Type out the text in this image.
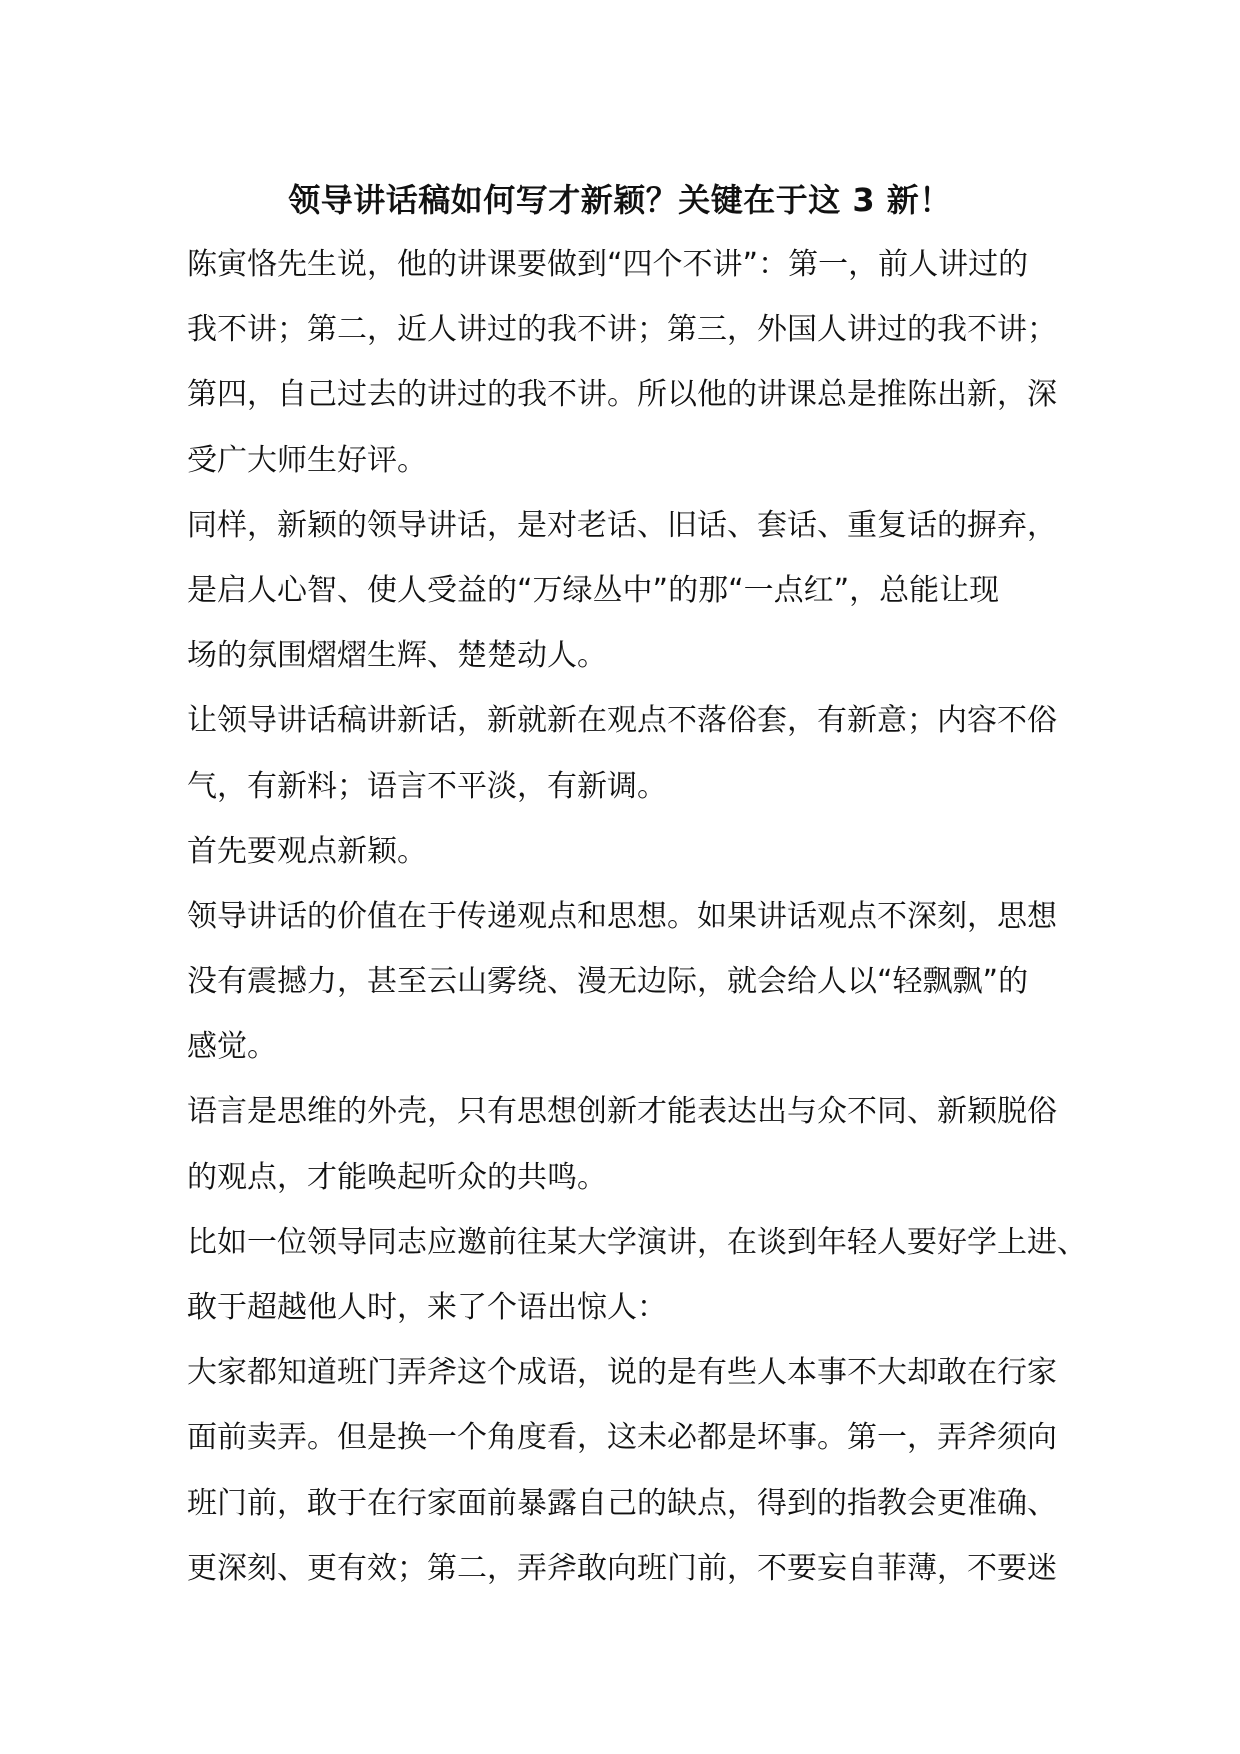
领导讲话稿如何写才新颖？关键在于这 3 新！

陈寅恪先生说，他的讲课要做到“四个不讲”：第一，前人讲过的

我不讲；第二，近人讲过的我不讲；第三，外国人讲过的我不讲；

第四，自己过去的讲过的我不讲。所以他的讲课总是推陈出新，深

受广大师生好评。

同样，新颖的领导讲话，是对老话、旧话、套话、重复话的摒弃，

是启人心智、使人受益的“万绿丛中”的那“一点红”，总能让现

场的氛围熠熠生辉、楚楚动人。

让领导讲话稿讲新话，新就新在观点不落俗套，有新意；内容不俗

气，有新料；语言不平淡，有新调。

首先要观点新颖。

领导讲话的价值在于传递观点和思想。如果讲话观点不深刻，思想

没有震撼力，甚至云山雾绕、漫无边际，就会给人以“轻飘飘”的

感觉。

语言是思维的外壳，只有思想创新才能表达出与众不同、新颖脱俗

的观点，才能唤起听众的共鸣。

比如一位领导同志应邀前往某大学演讲，在谈到年轻人要好学上进、

敢于超越他人时，来了个语出惊人：

大家都知道班门弄斧这个成语，说的是有些人本事不大却敢在行家

面前卖弄。但是换一个角度看，这未必都是坏事。第一，弄斧须向

班门前，敢于在行家面前暴露自己的缺点，得到的指教会更准确、

更深刻、更有效；第二，弄斧敢向班门前，不要妄自菲薄，不要迷
